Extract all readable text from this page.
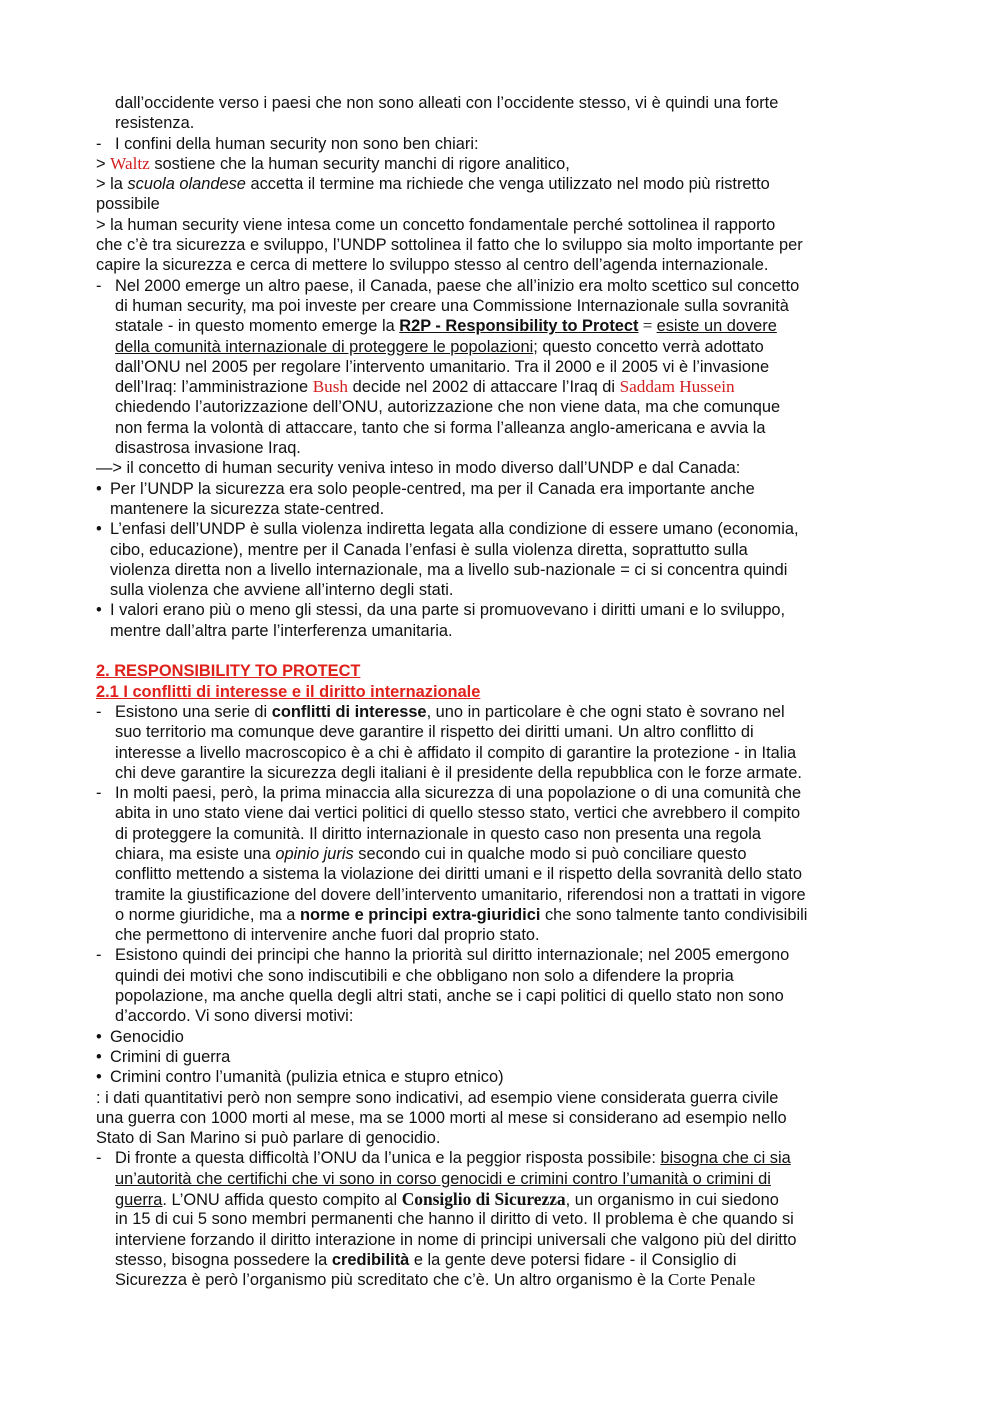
dall’occidente verso i paesi che non sono alleati con l’occidente stesso, vi è quindi una forte
resistenza.
- I confini della human security non sono ben chiari:
> Waltz sostiene che la human security manchi di rigore analitico,
> la scuola olandese accetta il termine ma richiede che venga utilizzato nel modo più ristretto
possibile
> la human security viene intesa come un concetto fondamentale perché sottolinea il rapporto
che c’è tra sicurezza e sviluppo, l’UNDP sottolinea il fatto che lo sviluppo sia molto importante per
capire la sicurezza e cerca di mettere lo sviluppo stesso al centro dell’agenda internazionale.
- Nel 2000 emerge un altro paese, il Canada, paese che all’inizio era molto scettico sul concetto
di human security, ma poi investe per creare una Commissione Internazionale sulla sovranità
statale - in questo momento emerge la R2P - Responsibility to Protect = esiste un dovere
della comunità internazionale di proteggere le popolazioni; questo concetto verrà adottato
dall’ONU nel 2005 per regolare l’intervento umanitario. Tra il 2000 e il 2005 vi è l’invasione
dell’Iraq: l’amministrazione Bush decide nel 2002 di attaccare l’Iraq di Saddam Hussein
chiedendo l’autorizzazione dell’ONU, autorizzazione che non viene data, ma che comunque
non ferma la volontà di attaccare, tanto che si forma l’alleanza anglo-americana e avvia la
disastrosa invasione Iraq.
—> il concetto di human security veniva inteso in modo diverso dall’UNDP e dal Canada:
• Per l’UNDP la sicurezza era solo people-centred, ma per il Canada era importante anche
mantenere la sicurezza state-centred.
• L’enfasi dell’UNDP è sulla violenza indiretta legata alla condizione di essere umano (economia,
cibo, educazione), mentre per il Canada l’enfasi è sulla violenza diretta, soprattutto sulla
violenza diretta non a livello internazionale, ma a livello sub-nazionale = ci si concentra quindi
sulla violenza che avviene all’interno degli stati.
• I valori erano più o meno gli stessi, da una parte si promuovevano i diritti umani e lo sviluppo,
mentre dall’altra parte l’interferenza umanitaria.
2. RESPONSIBILITY TO PROTECT
2.1 I conflitti di interesse e il diritto internazionale
- Esistono una serie di conflitti di interesse, uno in particolare è che ogni stato è sovrano nel
suo territorio ma comunque deve garantire il rispetto dei diritti umani. Un altro conflitto di
interesse a livello macroscopico è a chi è affidato il compito di garantire la protezione - in Italia
chi deve garantire la sicurezza degli italiani è il presidente della repubblica con le forze armate.
- In molti paesi, però, la prima minaccia alla sicurezza di una popolazione o di una comunità che
abita in uno stato viene dai vertici politici di quello stesso stato, vertici che avrebbero il compito
di proteggere la comunità. Il diritto internazionale in questo caso non presenta una regola
chiara, ma esiste una opinio juris secondo cui in qualche modo si può conciliare questo
conflitto mettendo a sistema la violazione dei diritti umani e il rispetto della sovranità dello stato
tramite la giustificazione del dovere dell’intervento umanitario, riferendosi non a trattati in vigore
o norme giuridiche, ma a norme e principi extra-giuridici che sono talmente tanto condivisibili
che permettono di intervenire anche fuori dal proprio stato.
- Esistono quindi dei principi che hanno la priorità sul diritto internazionale; nel 2005 emergono
quindi dei motivi che sono indiscutibili e che obbligano non solo a difendere la propria
popolazione, ma anche quella degli altri stati, anche se i capi politici di quello stato non sono
d’accordo. Vi sono diversi motivi:
• Genocidio
• Crimini di guerra
• Crimini contro l’umanità (pulizia etnica e stupro etnico)
: i dati quantitativi però non sempre sono indicativi, ad esempio viene considerata guerra civile
una guerra con 1000 morti al mese, ma se 1000 morti al mese si considerano ad esempio nello
Stato di San Marino si può parlare di genocidio.
- Di fronte a questa difficoltà l’ONU da l’unica e la peggior risposta possibile: bisogna che ci sia
un’autorità che certifichi che vi sono in corso genocidi e crimini contro l’umanità o crimini di
guerra. L’ONU affida questo compito al Consiglio di Sicurezza, un organismo in cui siedono
in 15 di cui 5 sono membri permanenti che hanno il diritto di veto. Il problema è che quando si
interviene forzando il diritto interazione in nome di principi universali che valgono più del diritto
stesso, bisogna possedere la credibilità e la gente deve potersi fidare - il Consiglio di
Sicurezza è però l’organismo più screditato che c’è. Un altro organismo è la Corte Penale
